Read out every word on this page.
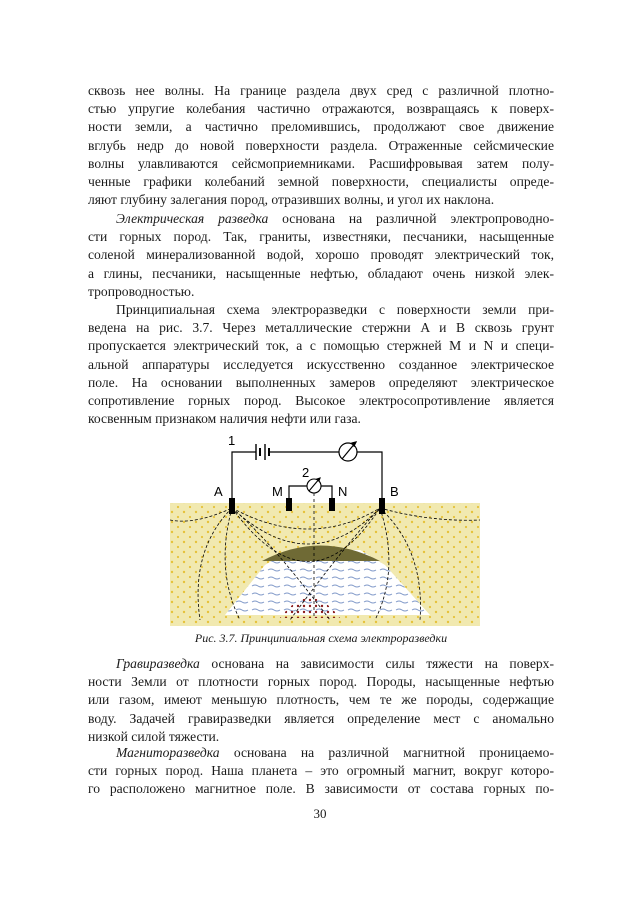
сквозь нее волны. На границе раздела двух сред с различной плотно-
стью упругие колебания частично отражаются, возвращаясь к поверх-
ности земли, а частично преломившись, продолжают свое движение
вглубь недр до новой поверхности раздела. Отраженные сейсмические
волны улавливаются сейсмоприемниками. Расшифровывая затем полу-
ченные графики колебаний земной поверхности, специалисты опреде-
ляют глубину залегания пород, отразивших волны, и угол их наклона.

Электрическая разведка основана на различной электропроводно-
сти горных пород. Так, граниты, известняки, песчаники, насыщенные
соленой минерализованной водой, хорошо проводят электрический ток,
а глины, песчаники, насыщенные нефтью, обладают очень низкой элек-
тропроводностью.

Принципиальная схема электроразведки с поверхности земли при-
ведена на рис. 3.7. Через металлические стержни A и B сквозь грунт
пропускается электрический ток, а с помощью стержней M и N и специ-
альной аппаратуры исследуется искусственно созданное электрическое
поле. На основании выполненных замеров определяют электрическое
сопротивление горных пород. Высокое электросопротивление является
косвенным признаком наличия нефти или газа.

1
2
A	M	N	B
Рис. 3.7. Принципиальная схема электроразведки

Гравиразведка основана на зависимости силы тяжести на поверх-
ности Земли от плотности горных пород. Породы, насыщенные нефтью
или газом, имеют меньшую плотность, чем те же породы, содержащие
воду. Задачей гравиразведки является определение мест с аномально
низкой силой тяжести.

Магниторазведка основана на различной магнитной проницаемо-
сти горных пород. Наша планета – это огромный магнит, вокруг которо-
го расположено магнитное поле. В зависимости от состава горных по-

30
